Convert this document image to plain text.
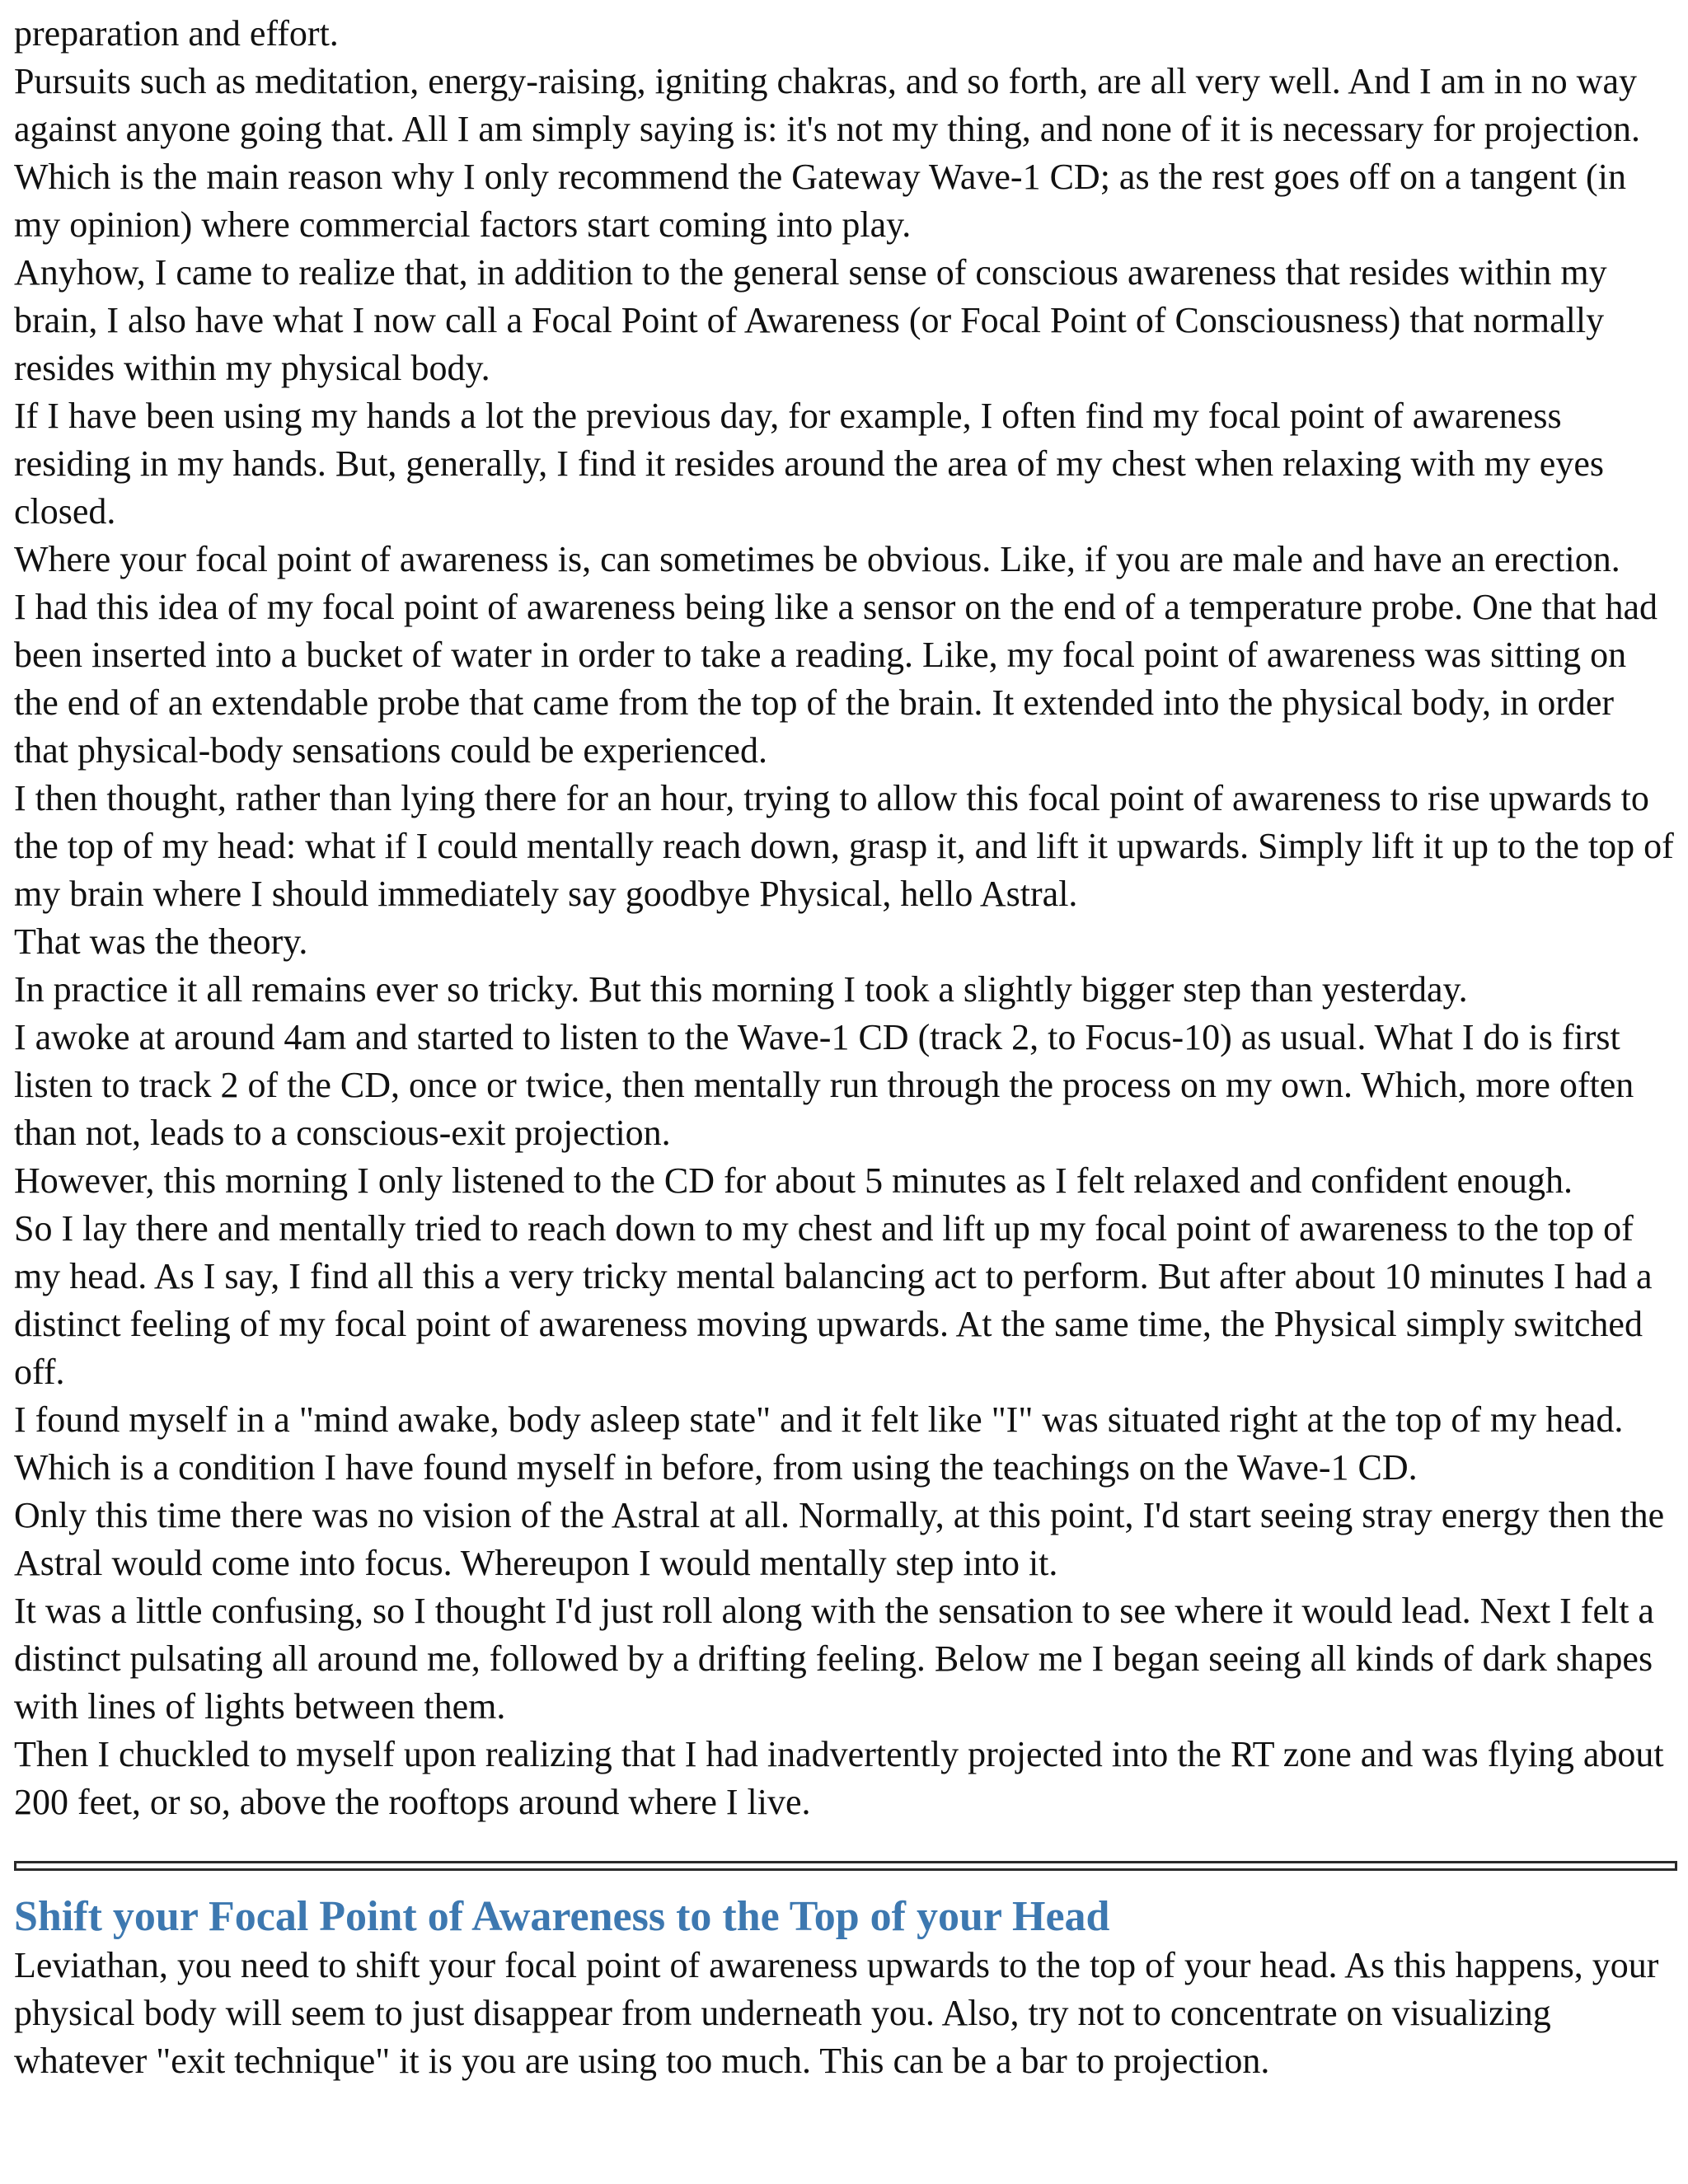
preparation and effort.

Pursuits such as meditation, energy-raising, igniting chakras, and so forth, are all very well. And I am in no way against anyone going that. All I am simply saying is: it's not my thing, and none of it is necessary for projection. Which is the main reason why I only recommend the Gateway Wave-1 CD; as the rest goes off on a tangent (in my opinion) where commercial factors start coming into play.

Anyhow, I came to realize that, in addition to the general sense of conscious awareness that resides within my brain, I also have what I now call a Focal Point of Awareness (or Focal Point of Consciousness) that normally resides within my physical body.

If I have been using my hands a lot the previous day, for example, I often find my focal point of awareness residing in my hands. But, generally, I find it resides around the area of my chest when relaxing with my eyes closed.

Where your focal point of awareness is, can sometimes be obvious. Like, if you are male and have an erection.

I had this idea of my focal point of awareness being like a sensor on the end of a temperature probe. One that had been inserted into a bucket of water in order to take a reading. Like, my focal point of awareness was sitting on the end of an extendable probe that came from the top of the brain. It extended into the physical body, in order that physical-body sensations could be experienced.

I then thought, rather than lying there for an hour, trying to allow this focal point of awareness to rise upwards to the top of my head: what if I could mentally reach down, grasp it, and lift it upwards. Simply lift it up to the top of my brain where I should immediately say goodbye Physical, hello Astral.

That was the theory.

In practice it all remains ever so tricky. But this morning I took a slightly bigger step than yesterday.

I awoke at around 4am and started to listen to the Wave-1 CD (track 2, to Focus-10) as usual. What I do is first listen to track 2 of the CD, once or twice, then mentally run through the process on my own. Which, more often than not, leads to a conscious-exit projection.

However, this morning I only listened to the CD for about 5 minutes as I felt relaxed and confident enough.

So I lay there and mentally tried to reach down to my chest and lift up my focal point of awareness to the top of my head. As I say, I find all this a very tricky mental balancing act to perform. But after about 10 minutes I had a distinct feeling of my focal point of awareness moving upwards. At the same time, the Physical simply switched off.

I found myself in a "mind awake, body asleep state" and it felt like "I" was situated right at the top of my head. Which is a condition I have found myself in before, from using the teachings on the Wave-1 CD.

Only this time there was no vision of the Astral at all. Normally, at this point, I'd start seeing stray energy then the Astral would come into focus. Whereupon I would mentally step into it.

It was a little confusing, so I thought I'd just roll along with the sensation to see where it would lead. Next I felt a distinct pulsating all around me, followed by a drifting feeling. Below me I began seeing all kinds of dark shapes with lines of lights between them.

Then I chuckled to myself upon realizing that I had inadvertently projected into the RT zone and was flying about 200 feet, or so, above the rooftops around where I live.

Shift your Focal Point of Awareness to the Top of your Head

Leviathan, you need to shift your focal point of awareness upwards to the top of your head. As this happens, your physical body will seem to just disappear from underneath you. Also, try not to concentrate on visualizing whatever "exit technique" it is you are using too much. This can be a bar to projection.
